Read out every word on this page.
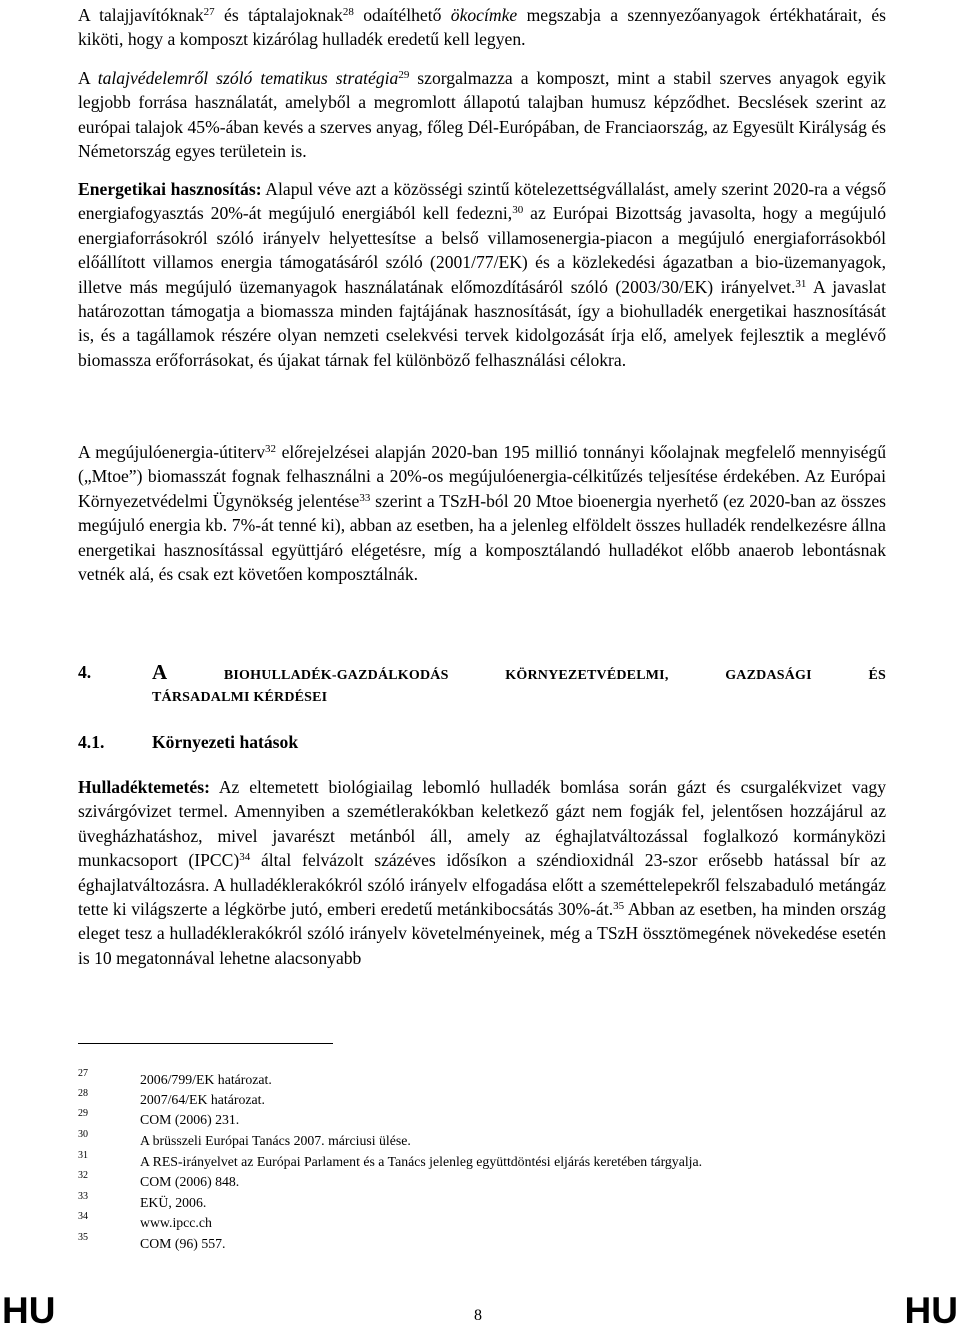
A talajjavítóknak$^{27}$ és táptalajoknak$^{28}$ odaítélhető ökocímke megszabja a szennyezőanyagok értékhatárait, és kiköti, hogy a komposzt kizárólag hulladék eredetű kell legyen.

A talajvédelemről szóló tematikus stratégia$^{29}$ szorgalmazza a komposzt, mint a stabil szerves anyagok egyik legjobb forrása használatát, amelyből a megromlott állapotú talajban humusz képződhet. Becslések szerint az európai talajok 45%-ában kevés a szerves anyag, főleg Dél-Európában, de Franciaország, az Egyesült Királyság és Németország egyes területein is.

Energetikai hasznosítás: Alapul véve azt a közösségi szintű kötelezettségvállalást, amely szerint 2020-ra a végső energiafogyasztás 20%-át megújuló energiából kell fedezni,$^{30}$ az Európai Bizottság javasolta, hogy a megújuló energiaforrásokról szóló irányelv helyettesítse a belső villamosenergia-piacon a megújuló energiaforrásokból előállított villamos energia támogatásáról szóló (2001/77/EK) és a közlekedési ágazatban a bio-üzemanyagok, illetve más megújuló üzemanyagok használatának előmozdításáról szóló (2003/30/EK) irányelvet.$^{31}$ A javaslat határozottan támogatja a biomassza minden fajtájának hasznosítását, így a biohulladék energetikai hasznosítását is, és a tagállamok részére olyan nemzeti cselekvési tervek kidolgozását írja elő, amelyek fejlesztik a meglévő biomassza erőforrásokat, és újakat tárnak fel különböző felhasználási célokra.

A megújulóenergia-útiterv$^{32}$ előrejelzései alapján 2020-ban 195 millió tonnányi kőolajnak megfelelő mennyiségű („Mtoe”) biomasszát fognak felhasználni a 20%-os megújulóenergia-célkitűzés teljesítése érdekében. Az Európai Környezetvédelmi Ügynökség jelentése$^{33}$ szerint a TSzH-ból 20 Mtoe bioenergia nyerhető (ez 2020-ban az összes megújuló energia kb. 7%-át tenné ki), abban az esetben, ha a jelenleg elföldelt összes hulladék rendelkezésre állna energetikai hasznosítással együttjáró elégetésre, míg a komposztálandó hulladékot előbb anaerob lebontásnak vetnék alá, és csak ezt követően komposztálnák.

4.	A	BIOHULLADÉK-GAZDÁLKODÁS	KÖRNYEZETVÉDELMI,	GAZDASÁGI	ÉS
TÁRSADALMI KÉRDÉSEI
4.1.	Környezeti hatások

Hulladéktemetés: Az eltemetett biológiailag lebomló hulladék bomlása során gázt és csurgalékvizet vagy szivárgóvizet termel. Amennyiben a szemétlerakókban keletkező gázt nem fogják fel, jelentősen hozzájárul az üvegházhatáshoz, mivel javarészt metánból áll, amely az éghajlatváltozással foglalkozó kormányközi munkacsoport (IPCC)$^{34}$ által felvázolt százéves idősíkon a széndioxidnál 23-szor erősebb hatással bír az éghajlatváltozásra. A hulladéklerakókról szóló irányelv elfogadása előtt a szeméttelepekről felszabaduló metángáz tette ki világszerte a légkörbe jutó, emberi eredetű metánkibocsátás 30%-át.$^{35}$ Abban az esetben, ha minden ország eleget tesz a hulladéklerakókról szóló irányelv követelményeinek, még a TSzH össztömegének növekedése esetén is 10 megatonnával lehetne alacsonyabb

27	2006/799/EK határozat.
28	2007/64/EK határozat.
29	COM (2006) 231.
30	A brüsszeli Európai Tanács 2007. márciusi ülése.
31	A RES-irányelvet az Európai Parlament és a Tanács jelenleg együttdöntési eljárás keretében tárgyalja.
32	COM (2006) 848.
33	EKÜ, 2006.
34	www.ipcc.ch
35	COM (96) 557.
HU	8	HU
